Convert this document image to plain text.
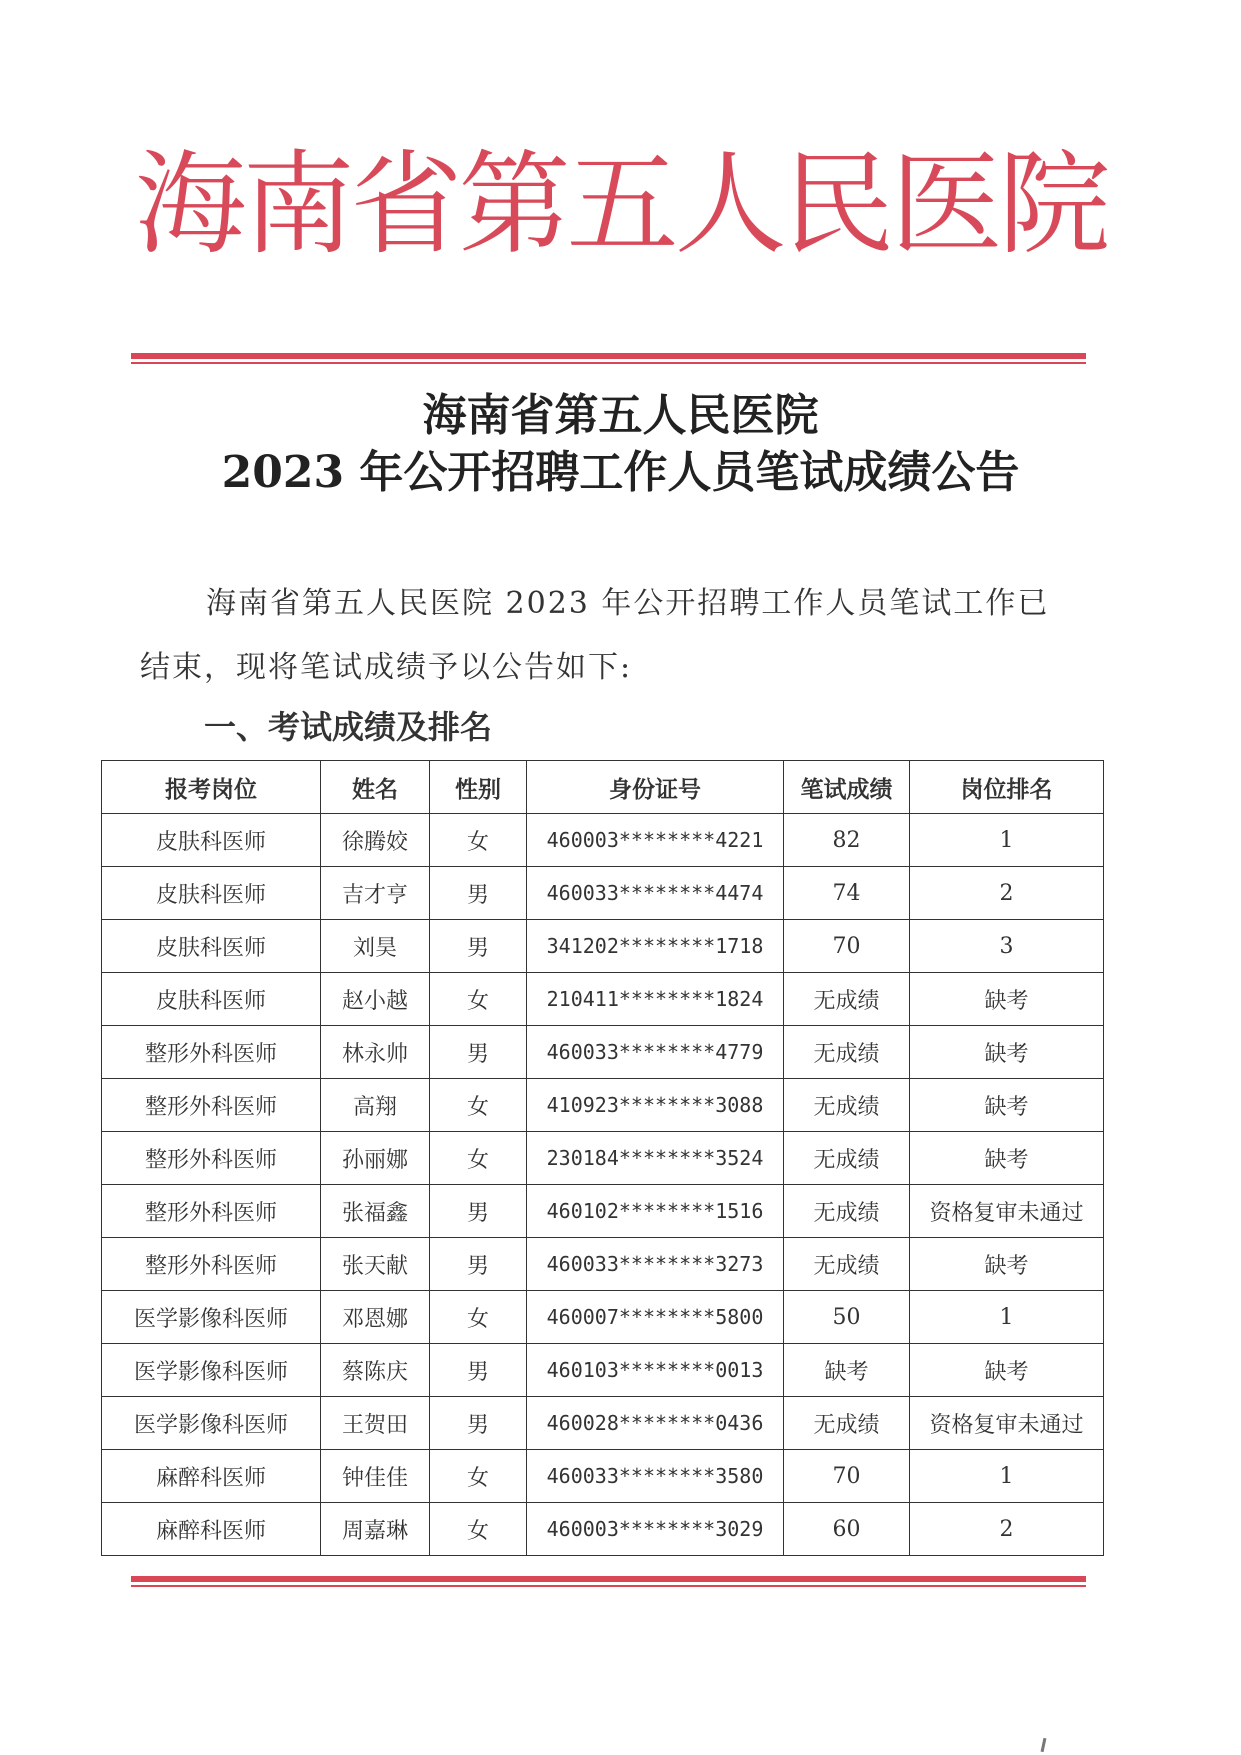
海南省第五人民医院
海南省第五人民医院
2023 年公开招聘工作人员笔试成绩公告
海南省第五人民医院 2023 年公开招聘工作人员笔试工作已
结束，现将笔试成绩予以公告如下:
一、考试成绩及排名
报考岗位	姓名	性别	身份证号	笔试成绩	岗位排名
皮肤科医师	徐腾姣	女	460003********4221	82	1
皮肤科医师	吉才亨	男	460033********4474	74	2
皮肤科医师	刘昊	男	341202********1718	70	3
皮肤科医师	赵小越	女	210411********1824	无成绩	缺考
整形外科医师	林永帅	男	460033********4779	无成绩	缺考
整形外科医师	高翔	女	410923********3088	无成绩	缺考
整形外科医师	孙丽娜	女	230184********3524	无成绩	缺考
整形外科医师	张福鑫	男	460102********1516	无成绩	资格复审未通过
整形外科医师	张天献	男	460033********3273	无成绩	缺考
医学影像科医师	邓恩娜	女	460007********5800	50	1
医学影像科医师	蔡陈庆	男	460103********0013	缺考	缺考
医学影像科医师	王贺田	男	460028********0436	无成绩	资格复审未通过
麻醉科医师	钟佳佳	女	460033********3580	70	1
麻醉科医师	周嘉琳	女	460003********3029	60	2
